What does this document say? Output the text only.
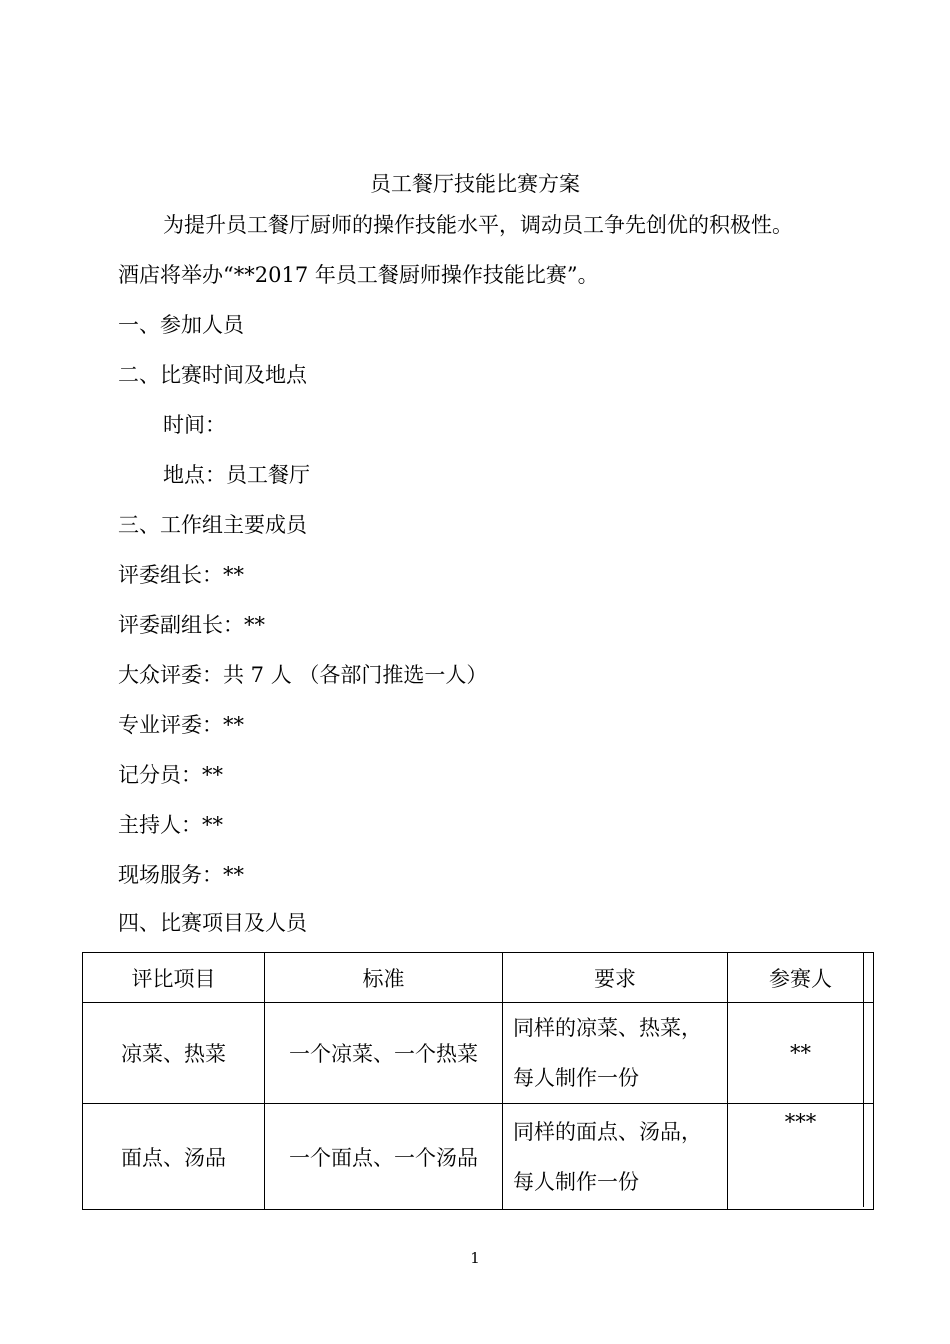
员工餐厅技能比赛方案
为提升员工餐厅厨师的操作技能水平，调动员工争先创优的积极性。
酒店将举办“**2017 年员工餐厨师操作技能比赛”。
一、参加人员
二、比赛时间及地点
时间：
地点：员工餐厅
三、工作组主要成员
评委组长：**
评委副组长：**
大众评委：共 7 人 （各部门推选一人）
专业评委：**
记分员：**
主持人：**
现场服务：**
四、比赛项目及人员
评比项目	标准	要求	参赛人
凉菜、热菜	一个凉菜、一个热菜	同样的凉菜、热菜，
每人制作一份	**
面点、汤品	一个面点、一个汤品	同样的面点、汤品，
每人制作一份	***
1
